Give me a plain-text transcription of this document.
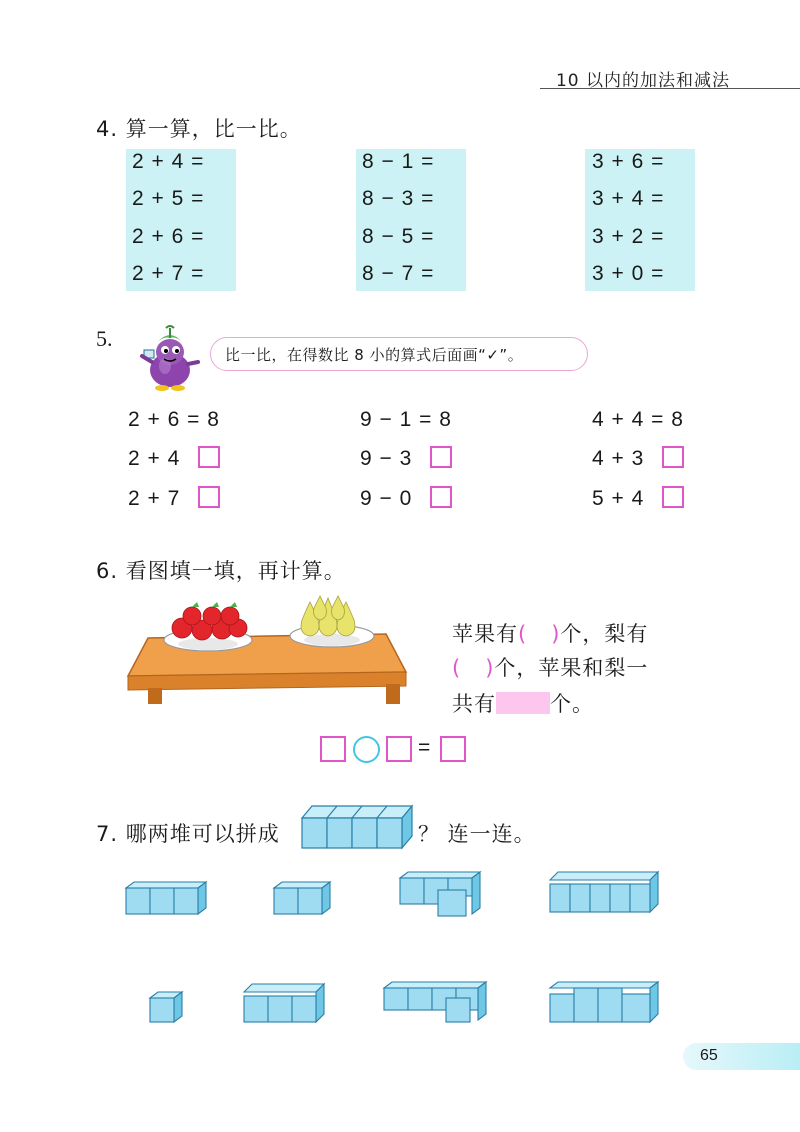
10 以内的加法和减法
4. 算一算，比一比。
2 + 4 =
2 + 5 =
2 + 6 =
2 + 7 =
8 − 1 =
8 − 3 =
8 − 5 =
8 − 7 =
3 + 6 =
3 + 4 =
3 + 2 =
3 + 0 =
5.
比一比，在得数比 8 小的算式后面画“✓”。
2 + 6 = 8
2 + 4
2 + 7
9 − 1 = 8
9 − 3
9 − 0
4 + 4 = 8
4 + 3
5 + 4
6. 看图填一填，再计算。
苹果有( )个，梨有
( )个，苹果和梨一
共有	个。
=
7. 哪两堆可以拼成	？ 连一连。
65
